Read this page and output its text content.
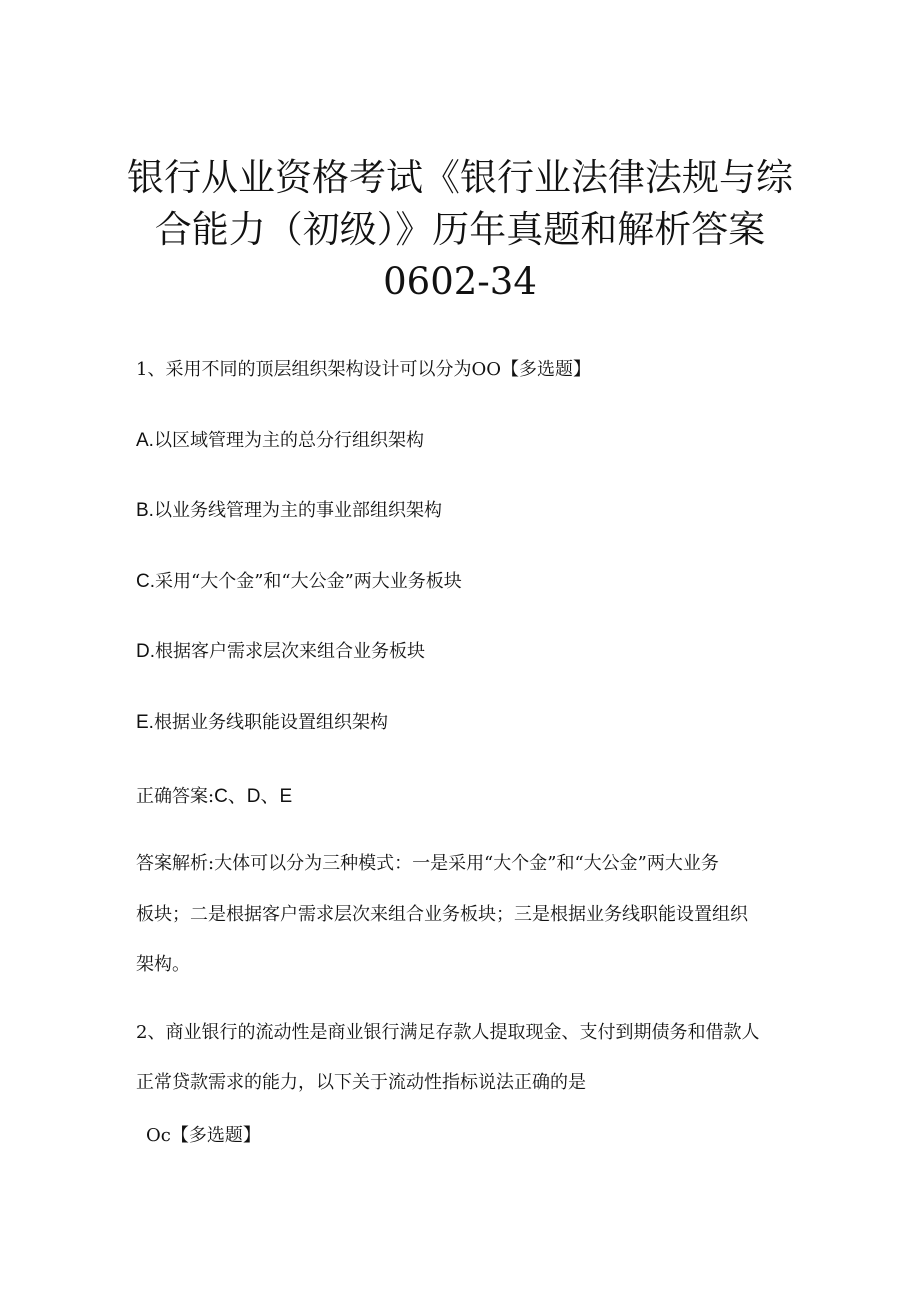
银行从业资格考试《银行业法律法规与综
合能力（初级）》历年真题和解析答案
0602-34
1、采用不同的顶层组织架构设计可以分为OO【多选题】
A.以区域管理为主的总分行组织架构
B.以业务线管理为主的事业部组织架构
C.采用“大个金”和“大公金”两大业务板块
D.根据客户需求层次来组合业务板块
E.根据业务线职能设置组织架构
正确答案:C、D、E
答案解析:大体可以分为三种模式：一是采用“大个金”和“大公金”两大业务
板块；二是根据客户需求层次来组合业务板块；三是根据业务线职能设置组织
架构。
2、商业银行的流动性是商业银行满足存款人提取现金、支付到期债务和借款人
正常贷款需求的能力，以下关于流动性指标说法正确的是
Oc【多选题】
